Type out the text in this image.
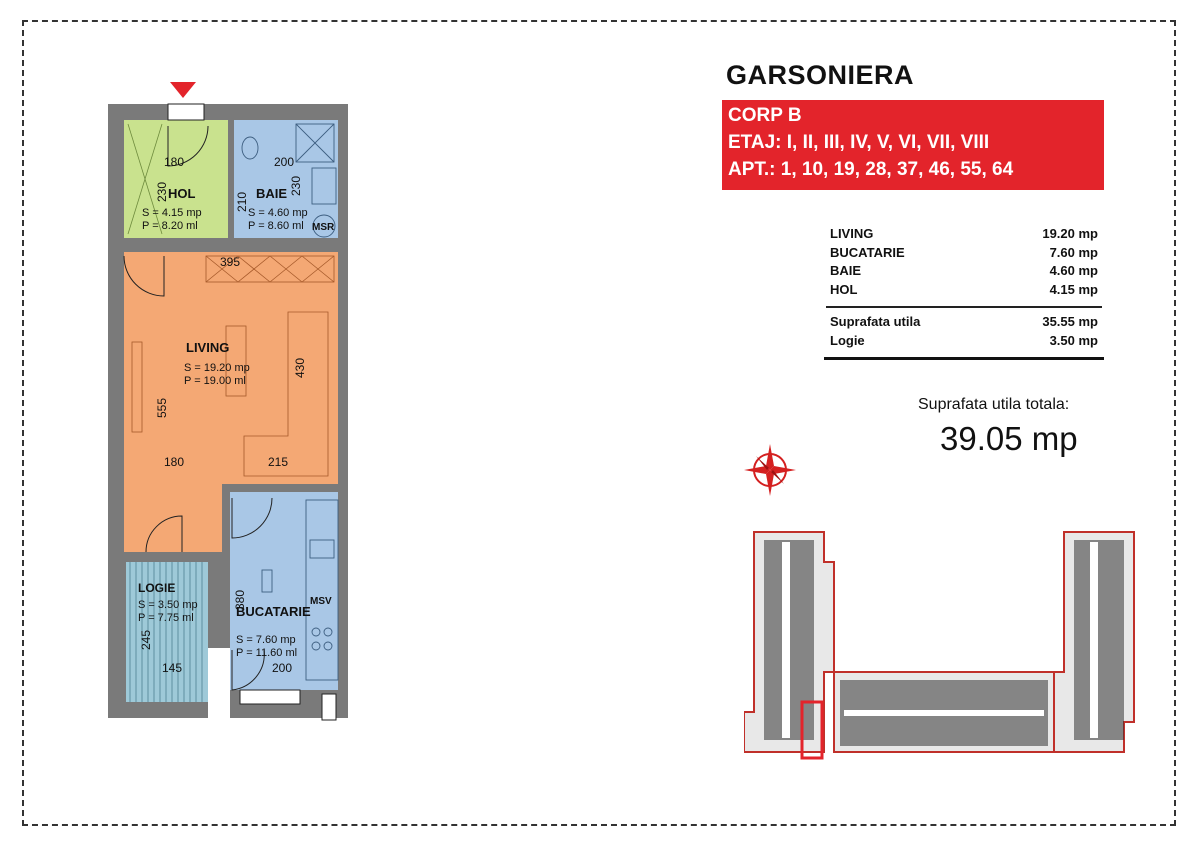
HOL
S = 4.15 mp
P = 8.20 ml
BAIE
S = 4.60 mp
P = 8.60 ml MSR
LIVING
S = 19.20 mp
P = 19.00 ml
LOGIE
S = 3.50 mp
P = 7.75 ml	BUCATARIE
S = 7.60 mp
P = 11.60 ml
MSV
180
230
200
210
230
395
555
430
180	215
380
200
245
145
GARSONIERA
CORP B
ETAJ: I, II, III, IV, V, VI, VII, VIII
APT.: 1, 10, 19, 28, 37, 46, 55, 64
LIVING	19.20 mp
BUCATARIE	7.60 mp
BAIE	4.60 mp
HOL	4.15 mp
Suprafata utila	35.55 mp
Logie	3.50 mp
Suprafata utila totala:
39.05 mp
